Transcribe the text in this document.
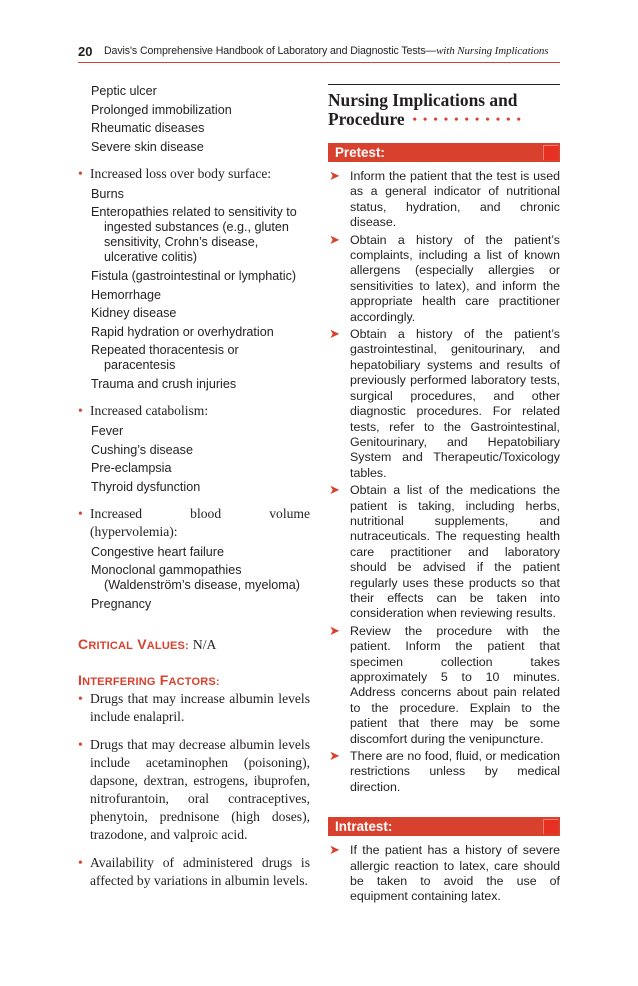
20 Davis's Comprehensive Handbook of Laboratory and Diagnostic Tests—with Nursing Implications
Peptic ulcer
Prolonged immobilization
Rheumatic diseases
Severe skin disease
• Increased loss over body surface:
Burns
Enteropathies related to sensitivity to ingested substances (e.g., gluten sensitivity, Crohn’s disease, ulcerative colitis)
Fistula (gastrointestinal or lymphatic)
Hemorrhage
Kidney disease
Rapid hydration or overhydration
Repeated thoracentesis or paracentesis
Trauma and crush injuries
• Increased catabolism:
Fever
Cushing’s disease
Pre-eclampsia
Thyroid dysfunction
• Increased blood volume (hypervolemia):
Congestive heart failure
Monoclonal gammopathies (Waldenström’s disease, myeloma)
Pregnancy
CRITICAL VALUES: N/A
INTERFERING FACTORS:
• Drugs that may increase albumin levels include enalapril.
• Drugs that may decrease albumin levels include acetaminophen (poisoning), dapsone, dextran, estrogens, ibuprofen, nitrofurantoin, oral contraceptives, phenytoin, prednisone (high doses), trazodone, and valproic acid.
• Availability of administered drugs is affected by variations in albumin levels.
Nursing Implications and
Procedure •••••••••••
Pretest:
➤ Inform the patient that the test is used as a general indicator of nutritional status, hydration, and chronic disease.
➤ Obtain a history of the patient’s complaints, including a list of known allergens (especially allergies or sensitivities to latex), and inform the appropriate health care practitioner accordingly.
➤ Obtain a history of the patient’s gastrointestinal, genitourinary, and hepatobiliary systems and results of previously performed laboratory tests, surgical procedures, and other diagnostic procedures. For related tests, refer to the Gastrointestinal, Genitourinary, and Hepatobiliary System and Therapeutic/Toxicology tables.
➤ Obtain a list of the medications the patient is taking, including herbs, nutritional supplements, and nutraceuticals. The requesting health care practitioner and laboratory should be advised if the patient regularly uses these products so that their effects can be taken into consideration when reviewing results.
➤ Review the procedure with the patient. Inform the patient that specimen collection takes approximately 5 to 10 minutes. Address concerns about pain related to the procedure. Explain to the patient that there may be some discomfort during the venipuncture.
➤ There are no food, fluid, or medication restrictions unless by medical direction.
Intratest:
➤ If the patient has a history of severe allergic reaction to latex, care should be taken to avoid the use of equipment containing latex.
